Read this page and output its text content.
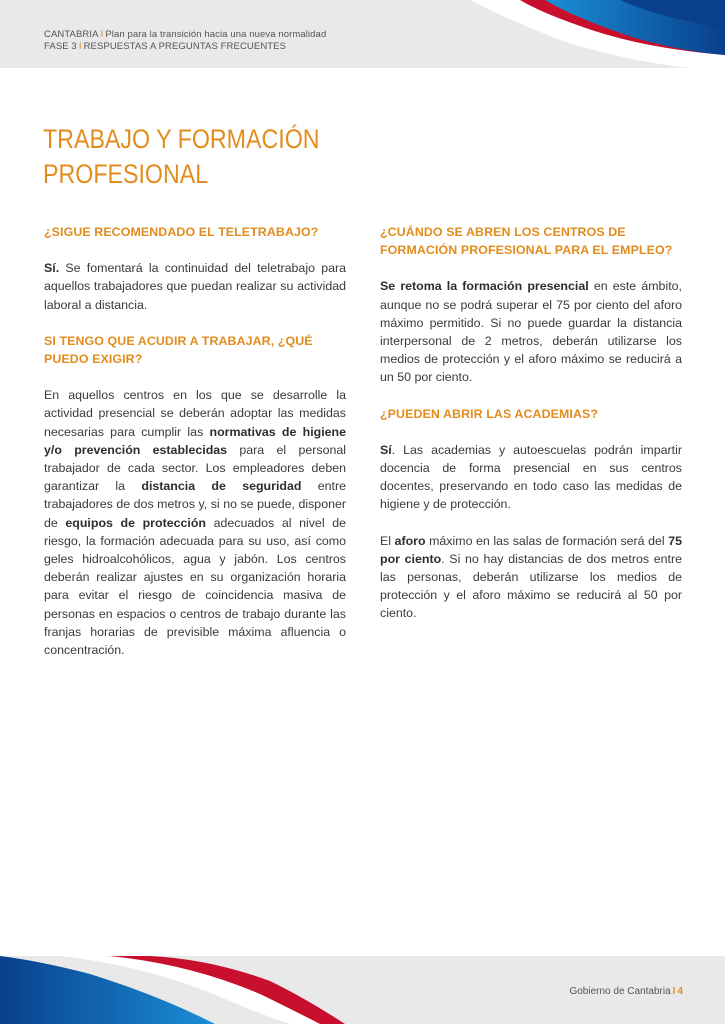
CANTABRIA I Plan para la transición hacia una nueva normalidad
FASE 3 I RESPUESTAS A PREGUNTAS FRECUENTES
TRABAJO Y FORMACIÓN
PROFESIONAL
¿SIGUE RECOMENDADO EL TELETRABAJO?
Sí. Se fomentará la continuidad del teletrabajo para aquellos trabajadores que puedan realizar su actividad laboral a distancia.
SI TENGO QUE ACUDIR A TRABAJAR, ¿QUÉ PUEDO EXIGIR?
En aquellos centros en los que se desarrolle la actividad presencial se deberán adoptar las medidas necesarias para cumplir las normativas de higiene y/o prevención establecidas para el personal trabajador de cada sector. Los empleadores deben garantizar la distancia de seguridad entre trabajadores de dos metros y, si no se puede, disponer de equipos de protección adecuados al nivel de riesgo, la formación adecuada para su uso, así como geles hidroalcohólicos, agua y jabón. Los centros deberán realizar ajustes en su organización horaria para evitar el riesgo de coincidencia masiva de personas en espacios o centros de trabajo durante las franjas horarias de previsible máxima afluencia o concentración.
¿CUÁNDO SE ABREN LOS CENTROS DE FORMACIÓN PROFESIONAL PARA EL EMPLEO?
Se retoma la formación presencial en este ámbito, aunque no se podrá superar el 75 por ciento del aforo máximo permitido. Si no puede guardar la distancia interpersonal de 2 metros, deberán utilizarse los medios de protección y el aforo máximo se reducirá a un 50 por ciento.
¿PUEDEN ABRIR LAS ACADEMIAS?
Sí. Las academias y autoescuelas podrán impartir docencia de forma presencial en sus centros docentes, preservando en todo caso las medidas de higiene y de protección.
El aforo máximo en las salas de formación será del 75 por ciento. Si no hay distancias de dos metros entre las personas, deberán utilizarse los medios de protección y el aforo máximo se reducirá al 50 por ciento.
Gobierno de Cantabria I 4
